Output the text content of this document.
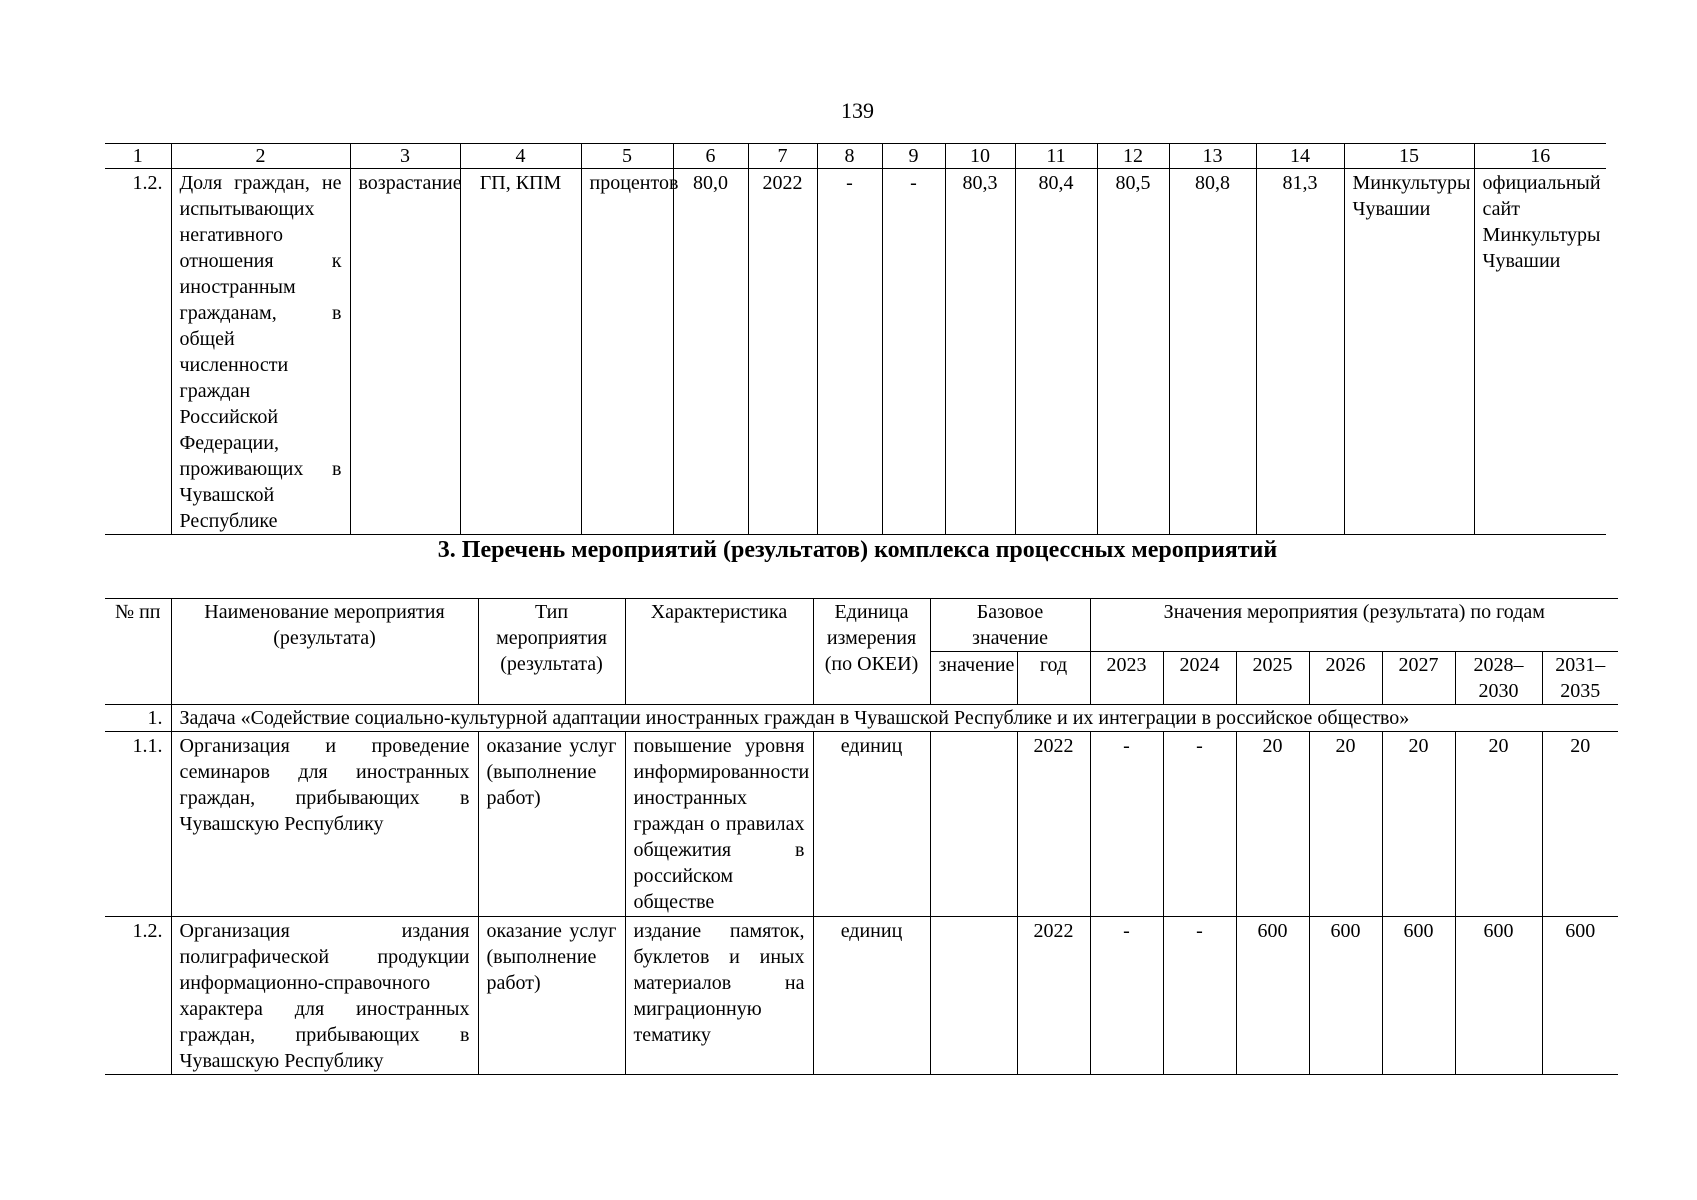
139
1	2	3	4	5	6	7	8	9	10	11	12	13	14	15	16
1.2.	Доля граждан, не испытывающих негативного отношения к иностранным гражданам, в общей численности граждан Российской Федерации, проживающих в Чувашской Республике	возрастание	ГП, КПМ	процентов	80,0	2022	-	-	80,3	80,4	80,5	80,8	81,3	Минкультуры Чувашии	официальный сайт Минкультуры Чувашии
3. Перечень мероприятий (результатов) комплекса процессных мероприятий
№ пп	Наименование мероприятия (результата)	Тип мероприятия (результата)	Характеристика	Единица измерения (по ОКЕИ)	Базовое значение		Значения мероприятия (результата) по годам						
					значение	год	2023	2024	2025	2026	2027	2028–2030	2031–2035
1.	Задача «Содействие социально-культурной адаптации иностранных граждан в Чувашской Республике и их интеграции в российское общество»												
1.1.	Организация и проведение семинаров для иностранных граждан, прибывающих в Чувашскую Республику	оказание услуг (выполнение работ)	повышение уровня информированности иностранных граждан о правилах общежития в российском обществе	единиц		2022	-	-	20	20	20	20	20
1.2.	Организация издания полиграфической продукции информационно-справочного характера для иностранных граждан, прибывающих в Чувашскую Республику	оказание услуг (выполнение работ)	издание памяток, буклетов и иных материалов на миграционную тематику	единиц		2022	-	-	600	600	600	600	600
